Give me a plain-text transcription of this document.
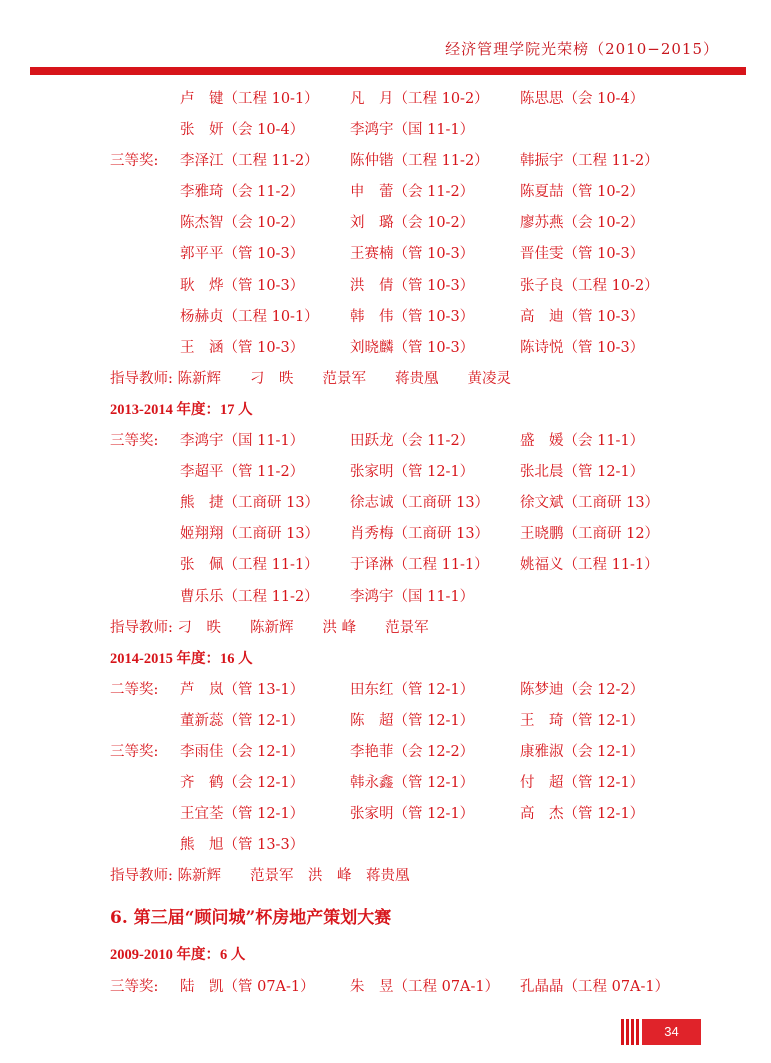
经济管理学院光荣榜（2010−2015）
卢　键（工程 10-1） 凡　月（工程 10-2） 陈思思（会 10-4）
张　妍（会 10-4）	李鸿宇（国 11-1）
三等奖: 李泽江（工程 11-2） 陈仲锴（工程 11-2） 韩振宇（工程 11-2）
李雅琦（会 11-2）	申　蕾（会 11-2）	陈夏喆（管 10-2）
陈杰智（会 10-2）	刘　璐（会 10-2）	廖苏燕（会 10-2）
郭平平（管 10-3）	王赛楠（管 10-3）	晋佳雯（管 10-3）
耿　烨（管 10-3）	洪　倩（管 10-3）	张子良（工程 10-2）
杨赫贞（工程 10-1） 韩　伟（管 10-3）	高　迪（管 10-3）
王　涵（管 10-3）	刘晓麟（管 10-3）	陈诗悦（管 10-3）
指导教师: 陈新辉　　刁　昳　　范景军　　蒋贵凰　　黄凌灵
2013-2014 年度：17 人
三等奖: 李鸿宇（国 11-1）	田跃龙（会 11-2）	盛　媛（会 11-1）
李超平（管 11-2）	张家明（管 12-1）	张北晨（管 12-1）
熊　捷（工商研 13） 徐志诚（工商研 13） 徐文斌（工商研 13）
姬翔翔（工商研 13） 肖秀梅（工商研 13） 王晓鹏（工商研 12）
张　佩（工程 11-1） 于译淋（工程 11-1） 姚福义（工程 11-1）
曹乐乐（工程 11-2） 李鸿宇（国 11-1）
指导教师: 刁　昳　　陈新辉　　洪 峰　　范景军
2014-2015 年度：16 人
二等奖: 芦　岚（管 13-1）	田东红（管 12-1）	陈梦迪（会 12-2）
董新蕊（管 12-1）	陈　超（管 12-1）	王　琦（管 12-1）
三等奖: 李雨佳（会 12-1）	李艳菲（会 12-2）	康雅淑（会 12-1）
齐　鹤（会 12-1）	韩永鑫（管 12-1）	付　超（管 12-1）
王宜荃（管 12-1）	张家明（管 12-1）	高　杰（管 12-1）
熊　旭（管 13-3）
指导教师: 陈新辉　　范景军　洪　峰　蒋贵凰
6. 第三届“顾问城”杯房地产策划大赛
2009-2010 年度：6 人
三等奖: 陆　凯（管 07A-1） 朱　昱（工程 07A-1） 孔晶晶（工程 07A-1）
34
